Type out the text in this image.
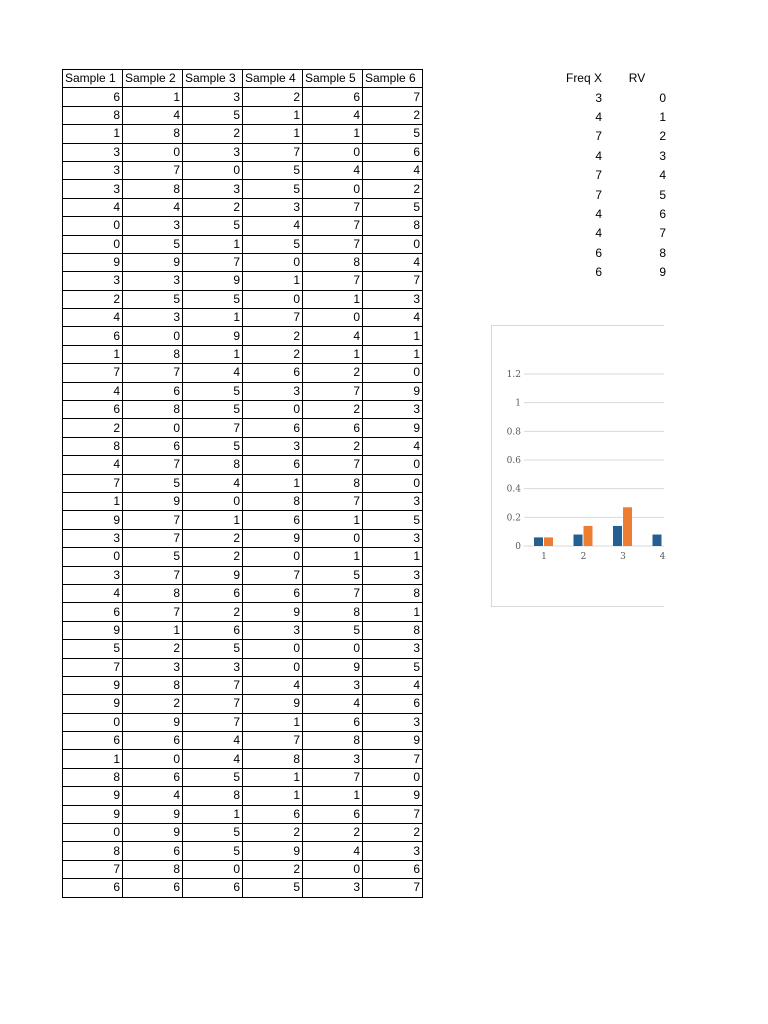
Sample 1	Sample 2	Sample 3	Sample 4	Sample 5	Sample 6
6	1	3	2	6	7
8	4	5	1	4	2
1	8	2	1	1	5
3	0	3	7	0	6
3	7	0	5	4	4
3	8	3	5	0	2
4	4	2	3	7	5
0	3	5	4	7	8
0	5	1	5	7	0
9	9	7	0	8	4
3	3	9	1	7	7
2	5	5	0	1	3
4	3	1	7	0	4
6	0	9	2	4	1
1	8	1	2	1	1
7	7	4	6	2	0
4	6	5	3	7	9
6	8	5	0	2	3
2	0	7	6	6	9
8	6	5	3	2	4
4	7	8	6	7	0
7	5	4	1	8	0
1	9	0	8	7	3
9	7	1	6	1	5
3	7	2	9	0	3
0	5	2	0	1	1
3	7	9	7	5	3
4	8	6	6	7	8
6	7	2	9	8	1
9	1	6	3	5	8
5	2	5	0	0	3
7	3	3	0	9	5
9	8	7	4	3	4
9	2	7	9	4	6
0	9	7	1	6	3
6	6	4	7	8	9
1	0	4	8	3	7
8	6	5	1	7	0
9	4	8	1	1	9
9	9	1	6	6	7
0	9	5	2	2	2
8	6	5	9	4	3
7	8	0	2	0	6
6	6	6	5	3	7
Freq X	RV
3	0
4	1
7	2
4	3
7	4
7	5
4	6
4	7
6	8
6	9
1.2
1
0.8
0.6
0.4
0.2
0
1	2	3	4
